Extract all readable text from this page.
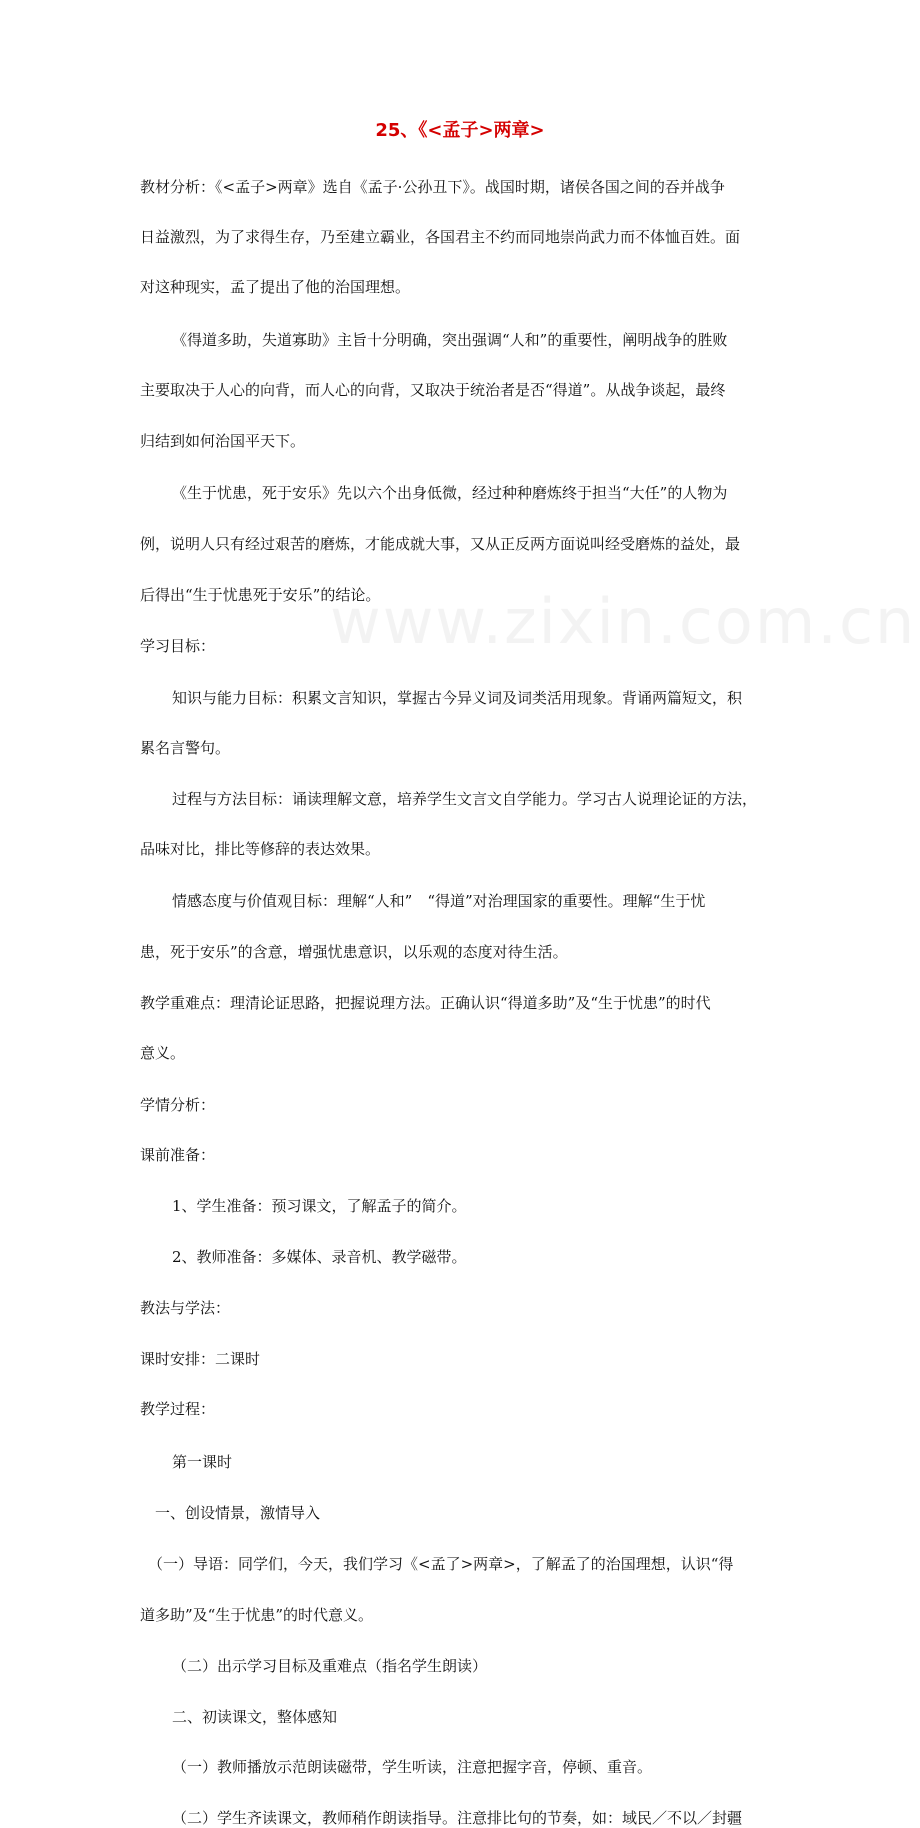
www.zixin.com.cn
25、《<孟子>两章>
教材分析：《<孟子>两章》选自《孟子·公孙丑下》。战国时期，诸侯各国之间的吞并战争
日益激烈，为了求得生存，乃至建立霸业，各国君主不约而同地崇尚武力而不体恤百姓。面
对这种现实，孟了提出了他的治国理想。
《得道多助，失道寡助》主旨十分明确，突出强调“人和”的重要性，阐明战争的胜败
主要取决于人心的向背，而人心的向背，又取决于统治者是否“得道”。从战争谈起，最终
归结到如何治国平天下。
《生于忧患，死于安乐》先以六个出身低微，经过种种磨炼终于担当“大任”的人物为
例，说明人只有经过艰苦的磨炼，才能成就大事，又从正反两方面说叫经受磨炼的益处，最
后得出“生于忧患死于安乐”的结论。
学习目标：
知识与能力目标：积累文言知识，掌握古今异义词及词类活用现象。背诵两篇短文，积
累名言警句。
过程与方法目标：诵读理解文意，培养学生文言文自学能力。学习古人说理论证的方法，
品味对比，排比等修辞的表达效果。
情感态度与价值观目标：理解“人和”　“得道”对治理国家的重要性。理解“生于忧
患，死于安乐”的含意，增强忧患意识，以乐观的态度对待生活。
教学重难点：理清论证思路，把握说理方法。正确认识“得道多助”及“生于忧患”的时代
意义。
学情分析：
课前准备：
1、学生准备：预习课文，了解孟子的简介。
2、教师准备：多媒体、录音机、教学磁带。
教法与学法：
课时安排：二课时
教学过程：
第一课时
一、创设情景，激情导入
（一）导语：同学们，今天，我们学习《<孟了>两章>，了解孟了的治国理想，认识“得
道多助”及“生于忧患”的时代意义。
（二）出示学习目标及重难点（指名学生朗读）
二、初读课文，整体感知
（一）教师播放示范朗读磁带，学生听读，注意把握字音，停顿、重音。
（二）学生齐读课文，教师稍作朗读指导。注意排比句的节奏，如：域民／不以／封疆
